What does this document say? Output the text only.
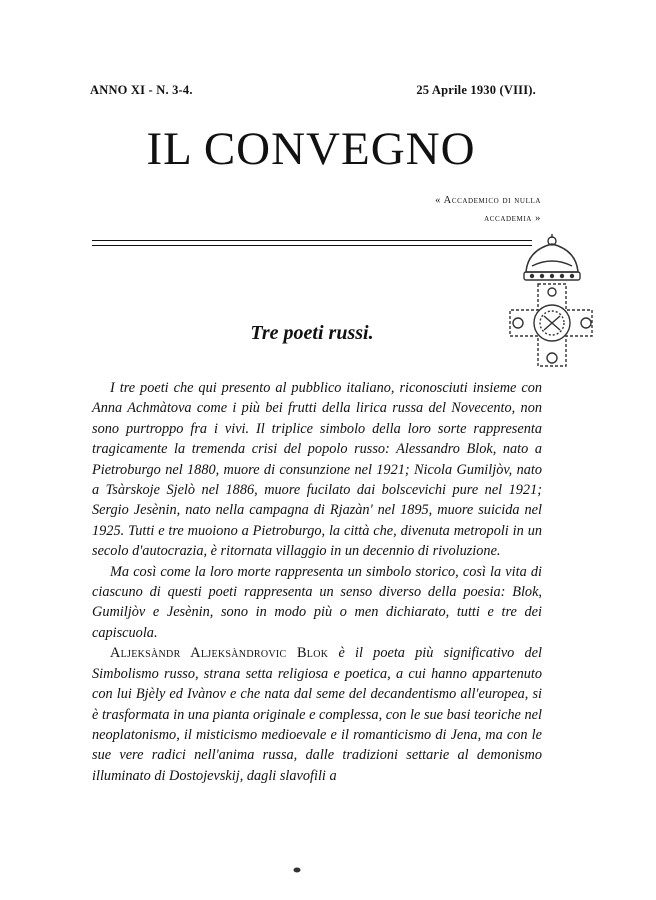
ANNO XI - N. 3-4.	25 Aprile 1930 (VIII).
IL CONVEGNO
« Accademico di nulla
accademia »
Tre poeti russi.

I tre poeti che qui presento al pubblico italiano, riconosciuti insieme con Anna Achmàtova come i più bei frutti della lirica russa del Novecento, non sono purtroppo fra i vivi. Il triplice simbolo della loro sorte rappresenta tragicamente la tremenda crisi del popolo russo: Alessandro Blok, nato a Pietroburgo nel 1880, muore di consunzione nel 1921; Nicola Gumiljòv, nato a Tsàrskoje Sjelò nel 1886, muore fucilato dai bolscevichi pure nel 1921; Sergio Jesènin, nato nella campagna di Rjazàn' nel 1895, muore suicida nel 1925. Tutti e tre muoiono a Pietroburgo, la città che, divenuta metropoli in un secolo d'autocrazia, è ritornata villaggio in un decennio di rivoluzione.

Ma così come la loro morte rappresenta un simbolo storico, così la vita di ciascuno di questi poeti rappresenta un senso diverso della poesia: Blok, Gumiljòv e Jesènin, sono in modo più o men dichiarato, tutti e tre dei capiscuola.

Aljeksàndr Aljeksàndrovic Blok è il poeta più significativo del Simbolismo russo, strana setta religiosa e poetica, a cui hanno appartenuto con lui Bjèly ed Ivànov e che nata dal seme del decandentismo all'europea, si è trasformata in una pianta originale e complessa, con le sue basi teoriche nel neoplatonismo, il misticismo medioevale e il romanticismo di Jena, ma con le sue vere radici nell'anima russa, dalle tradizioni settarie al demonismo illuminato di Dostojevskij, dagli slavofili a
